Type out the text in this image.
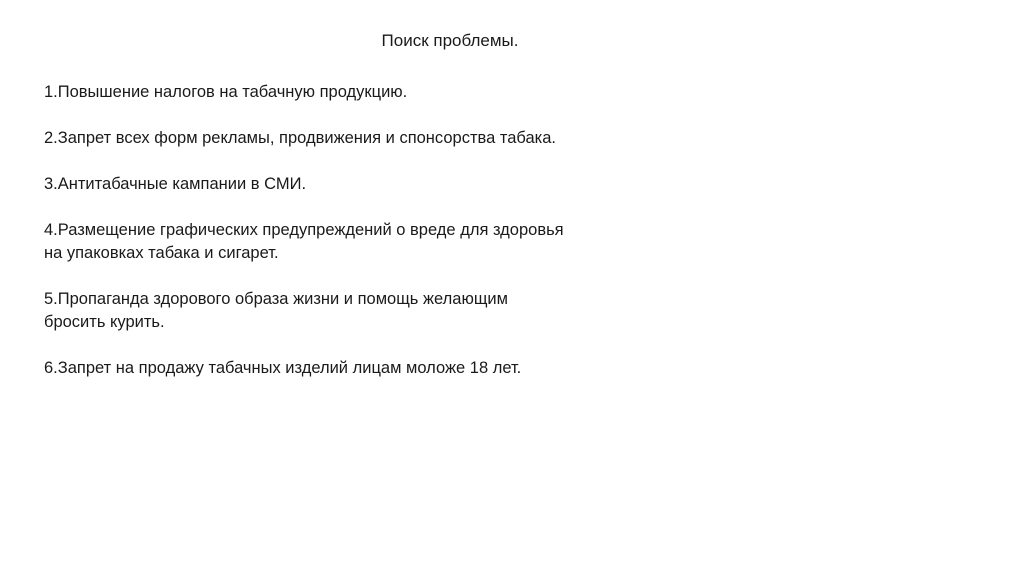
Поиск проблемы.
1.Повышение налогов на табачную продукцию.
2.Запрет всех форм рекламы, продвижения и спонсорства табака.
3.Антитабачные кампании в СМИ.
4.Размещение графических предупреждений о вреде для здоровья на упаковках табака и сигарет.
5.Пропаганда здорового образа жизни и помощь желающим бросить курить.
6.Запрет на продажу табачных изделий лицам моложе 18 лет.
